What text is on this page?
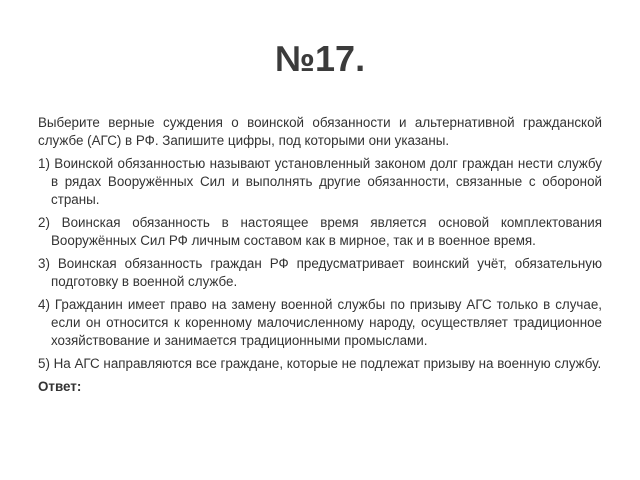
№17.

Выберите верные суждения о воинской обязанности и альтернативной гражданской службе (АГС) в РФ. Запишите цифры, под которыми они указаны.

1) Воинской обязанностью называют установленный законом долг граждан нести службу в рядах Вооружённых Сил и выполнять другие обязанности, связанные с обороной страны.

2) Воинская обязанность в настоящее время является основой комплектования Вооружённых Сил РФ личным составом как в мирное, так и в военное время.

3) Воинская обязанность граждан РФ предусматривает воинский учёт, обязательную подготовку в военной службе.

4) Гражданин имеет право на замену военной службы по призыву АГС только в случае, если он относится к коренному малочисленному народу, осуществляет традиционное хозяйствование и занимается традиционными промыслами.

5) На АГС направляются все граждане, которые не подлежат призыву на военную службу.

Ответ:
